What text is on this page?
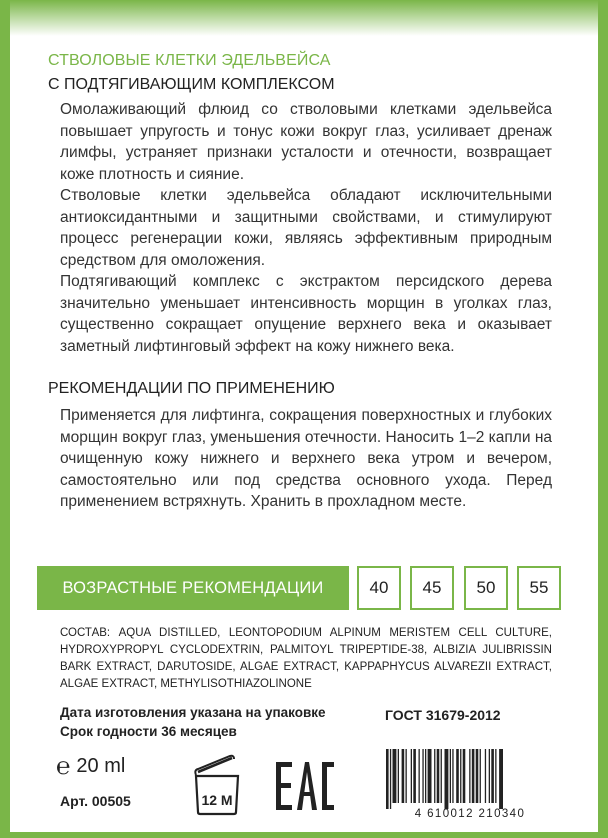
СТВОЛОВЫЕ КЛЕТКИ ЭДЕЛЬВЕЙСА
С ПОДТЯГИВАЮЩИМ КОМПЛЕКСОМ

Омолаживающий флюид со стволовыми клетками эдельвейса повышает упругость и тонус кожи вокруг глаз, усиливает дренаж лимфы, устраняет признаки усталости и отечности, возвращает коже плотность и сияние.

Стволовые клетки эдельвейса обладают исключительными антиоксидантными и защитными свойствами, и стимулируют процесс регенерации кожи, являясь эффективным природным средством для омоложения.

Подтягивающий комплекс с экстрактом персидского дерева значительно уменьшает интенсивность морщин в уголках глаз, существенно сокращает опущение верхнего века и оказывает заметный лифтинговый эффект на кожу нижнего века.

РЕКОМЕНДАЦИИ ПО ПРИМЕНЕНИЮ

Применяется для лифтинга, сокращения поверхностных и глубоких морщин вокруг глаз, уменьшения отечности. Наносить 1–2 капли на очищенную кожу нижнего и верхнего века утром и вечером, самостоятельно или под средства основного ухода. Перед применением встряхнуть. Хранить в прохладном месте.

ВОЗРАСТНЫЕ РЕКОМЕНДАЦИИ	40	45	50	55

СОСТАВ: AQUA DISTILLED, LEONTOPODIUM ALPINUM MERISTEM CELL CULTURE, HYDROXYPROPYL CYCLODEXTRIN, PALMITOYL TRIPEPTIDE-38, ALBIZIA JULIBRISSIN BARK EXTRACT, DARUTOSIDE, ALGAE EXTRACT, KAPPAPHYCUS ALVAREZII EXTRACT, ALGAE EXTRACT, METHYLISOTHIAZOLINONE

Дата изготовления указана на упаковке
Срок годности 36 месяцев
ГОСТ 31679-2012
℮ 20 ml
Арт. 00505	12 M
4 610012 210340
